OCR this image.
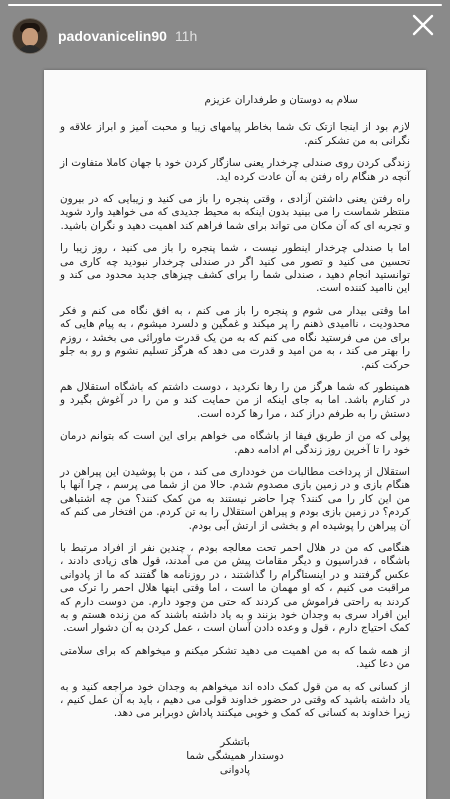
padovanicelin90 11h

سلام به دوستان و طرفداران عزیزم

لازم بود از اینجا ازتک تک شما بخاطر پیامهای زیبا و محبت آمیز و ابراز علاقه و نگرانی به من تشکر کنم.

زندگی کردن روی صندلی چرخدار یعنی سازگار کردن خود با جهان کاملا متفاوت از آنچه در هنگام راه رفتن به آن عادت کرده اید.

راه رفتن یعنی داشتن آزادی ، وقتی پنجره را باز می کنید و زیبایی که در بیرون منتظر شماست را می بینید بدون اینکه به محیط جدیدی که می خواهید وارد شوید و تجربه ای که آن مکان می تواند برای شما فراهم کند اهمیت دهید و نگران باشید.

اما با صندلی چرخدار اینطور نیست ، شما پنجره را باز می کنید ، روز زیبا را تحسین می کنید و تصور می کنید اگر در صندلی چرخدار نبودید چه کاری می توانستید انجام دهید ، صندلی شما را برای کشف چیزهای جدید محدود می کند و این ناامید کننده است.

اما وقتی بیدار می شوم و پنجره را باز می کنم ، به افق نگاه می کنم و فکر محدودیت ، ناامیدی ذهنم را پر میکند و غمگین و دلسرد میشوم ، به پیام هایی که برای من می فرستید نگاه می کنم که به من یک قدرت ماورائی می بخشد ، روزم را بهتر می کند ، به من امید و قدرت می دهد که هرگز تسلیم نشوم و رو به جلو حرکت کنم.

همینطور که شما هرگز من را رها نکردید ، دوست داشتم که باشگاه استقلال هم در کنارم باشد. اما به جای اینکه از من حمایت کند و من را در آغوش بگیرد و دستش را به طرفم دراز کند ، مرا رها کرده است.

پولی که من از طریق فیفا از باشگاه می خواهم برای این است که بتوانم درمان خود را تا آخرین روز زندگی ام ادامه دهم.

استقلال از پرداخت مطالبات من خودداری می کند ، من با پوشیدن این پیراهن در هنگام بازی و در زمین بازی مصدوم شدم. حالا من از شما می پرسم ، چرا آنها با من این کار را می کنند؟ چرا حاضر نیستند به من کمک کنند؟ من چه اشتباهی کردم؟ در زمین بازی بودم و پیراهن استقلال را به تن کردم. من افتخار می کنم که آن پیراهن را پوشیده ام و بخشی از ارتش آبی بودم.

هنگامی که من در هلال احمر تحت معالجه بودم ، چندین نفر از افراد مرتبط با باشگاه ، فدراسیون و دیگر مقامات پیش من می آمدند، قول های زیادی دادند ، عکس گرفتند و در اینستاگرام را گذاشتند ، در روزنامه ها گفتند که ما از پادوانی مراقبت می کنیم ، که او مهمان ما است ، اما وقتی اینها هلال احمر را ترک می کردند به راحتی فراموش می کردند که حتی من وجود دارم. من دوست دارم که این افراد سری به وجدان خود بزنند و به یاد داشته باشند که من زنده هستم و به کمک احتیاج دارم ، قول و وعده دادن آسان است ، عمل کردن به آن دشوار است.

از همه شما که به من اهمیت می دهید تشکر میکنم و میخواهم که برای سلامتی من دعا کنید.

از کسانی که به من قول کمک داده اند میخواهم به وجدان خود مراجعه کنید و به یاد داشته باشید که وقتی در حضور خداوند قولی می دهیم ، باید به آن عمل کنیم ، زیرا خداوند به کسانی که کمک و خوبی میکنند پاداش دوبرابر می دهد.

باتشکر
دوستدار همیشگی شما
پادوانی
